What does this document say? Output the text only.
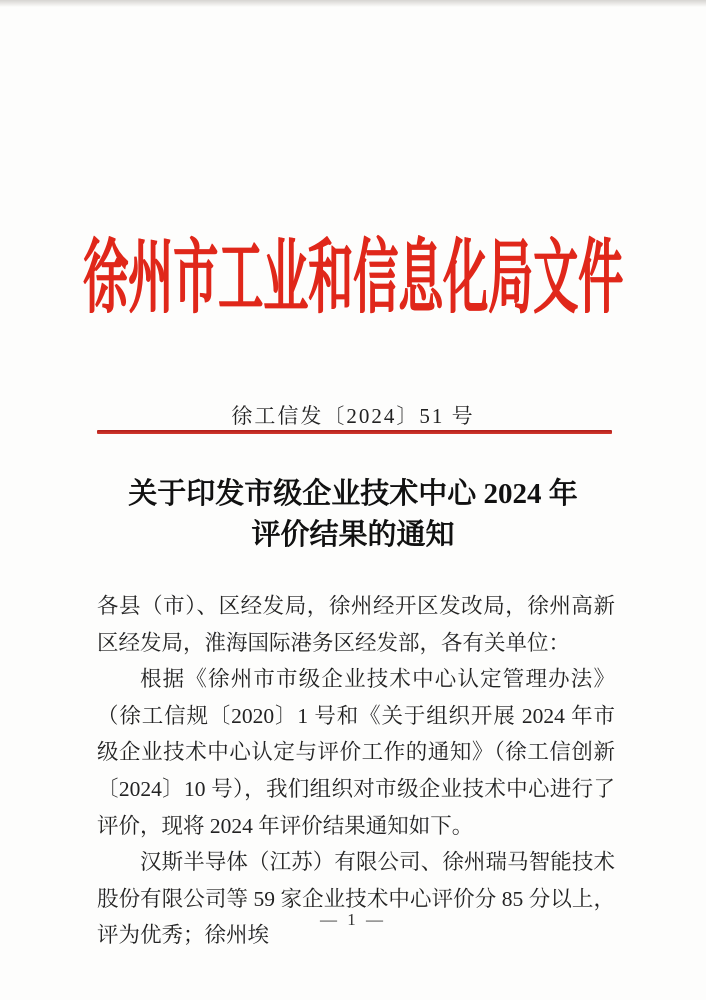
徐州市工业和信息化局文件
徐工信发〔2024〕51 号
关于印发市级企业技术中心 2024 年
评价结果的通知

各县（市）、区经发局，徐州经开区发改局，徐州高新区经发局，淮海国际港务区经发部，各有关单位：

根据《徐州市市级企业技术中心认定管理办法》（徐工信规〔2020〕1 号和《关于组织开展 2024 年市级企业技术中心认定与评价工作的通知》（徐工信创新〔2024〕10 号），我们组织对市级企业技术中心进行了评价，现将 2024 年评价结果通知如下。

汉斯半导体（江苏）有限公司、徐州瑞马智能技术股份有限公司等 59 家企业技术中心评价分 85 分以上，评为优秀；徐州埃

— 1 —
